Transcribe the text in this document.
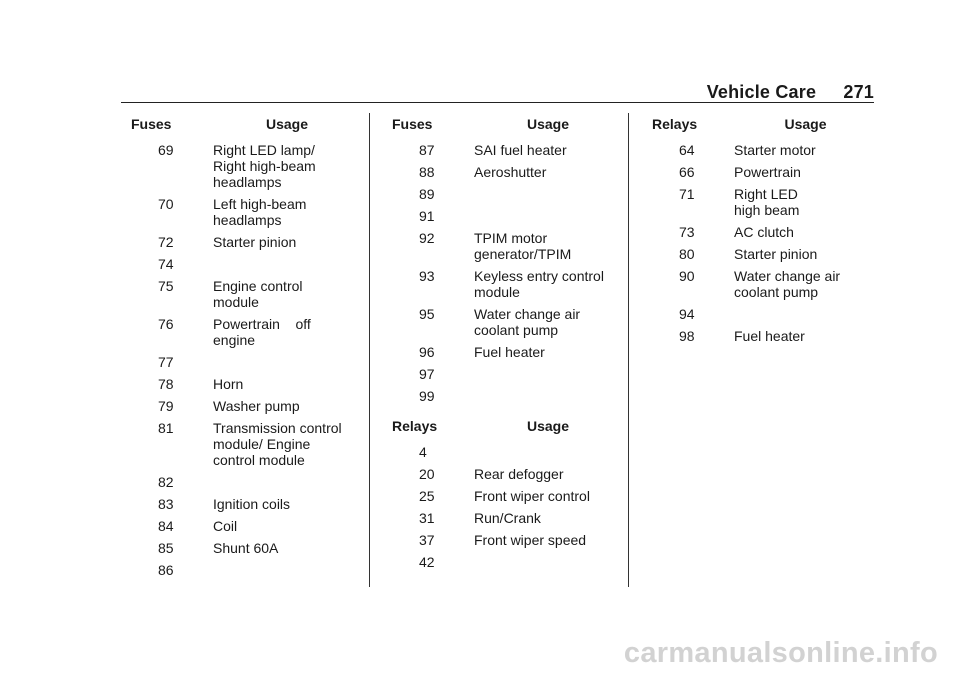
Vehicle Care 271
Fuses	Usage
69	Right LED lamp/
Right high-beam
headlamps
70	Left high-beam
headlamps
72	Starter pinion
74

75	Engine control
module
76	Powertrain    off
engine
77

78	Horn
79	Washer pump
81	Transmission control
module/ Engine
control module
82

83	Ignition coils
84	Coil
85	Shunt 60A
86

Fuses	Usage
87	SAI fuel heater
88	Aeroshutter
89

91

92	TPIM motor
generator/TPIM
93	Keyless entry control
module
95	Water change air
coolant pump
96	Fuel heater
97

99

Relays	Usage
4

20	Rear defogger
25	Front wiper control
31	Run/Crank
37	Front wiper speed
42

Relays	Usage
64	Starter motor
66	Powertrain
71	Right LED
high beam
73	AC clutch
80	Starter pinion
90	Water change air
coolant pump
94

98	Fuel heater
carmanualsonline.info
